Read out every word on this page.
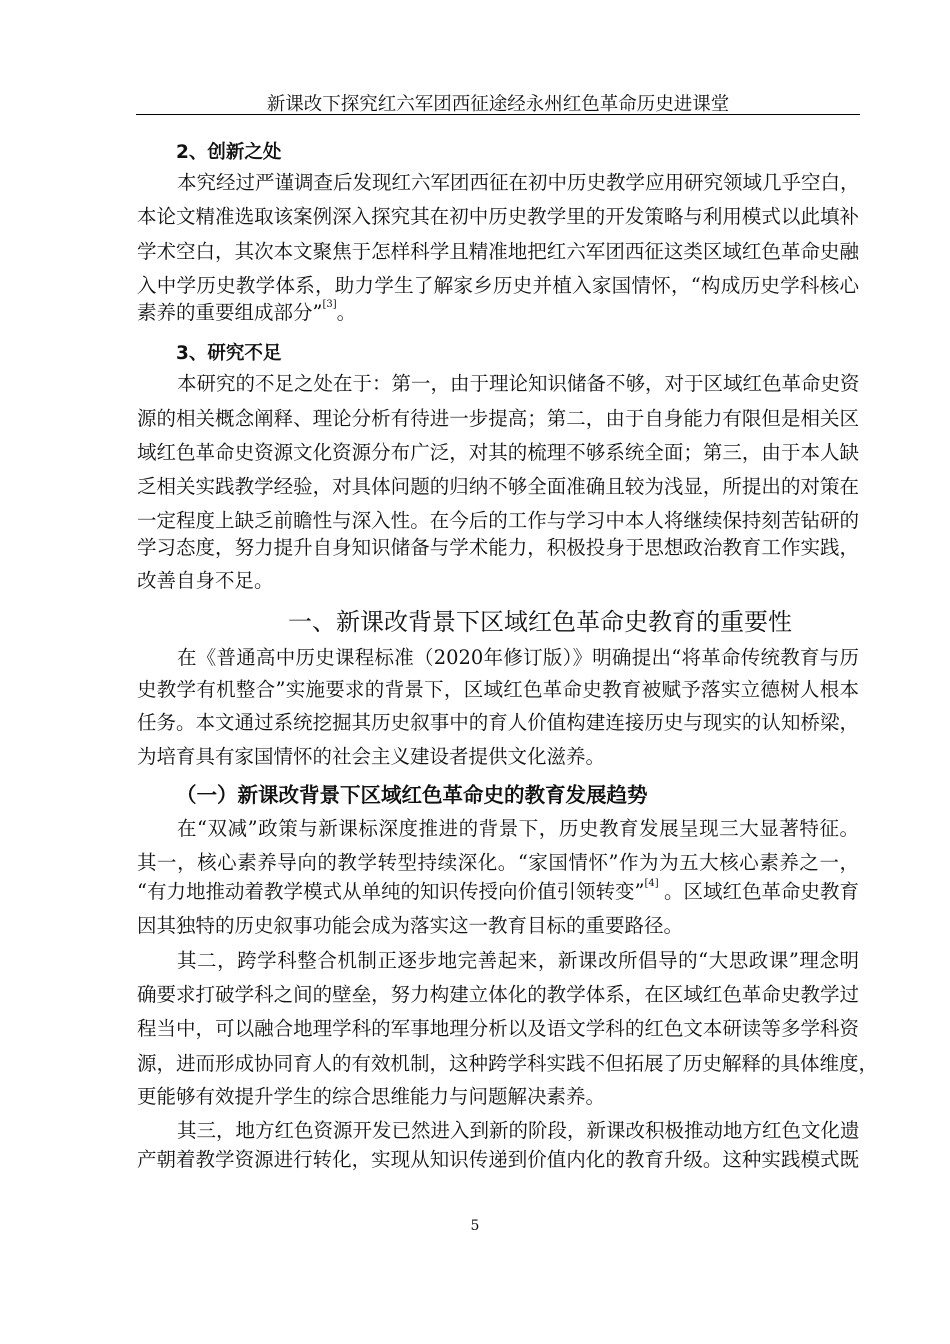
新课改下探究红六军团西征途经永州红色革命历史进课堂
2、创新之处
本究经过严谨调查后发现红六军团西征在初中历史教学应用研究领域几乎空白，
本论文精准选取该案例深入探究其在初中历史教学里的开发策略与利用模式以此填补
学术空白，其次本文聚焦于怎样科学且精准地把红六军团西征这类区域红色革命史融
入中学历史教学体系，助力学生了解家乡历史并植入家国情怀，“构成历史学科核心
素养的重要组成部分”[3]。
3、研究不足
本研究的不足之处在于：第一，由于理论知识储备不够，对于区域红色革命史资
源的相关概念阐释、理论分析有待进一步提高；第二，由于自身能力有限但是相关区
域红色革命史资源文化资源分布广泛，对其的梳理不够系统全面；第三，由于本人缺
乏相关实践教学经验，对具体问题的归纳不够全面准确且较为浅显，所提出的对策在
一定程度上缺乏前瞻性与深入性。在今后的工作与学习中本人将继续保持刻苦钻研的
学习态度，努力提升自身知识储备与学术能力，积极投身于思想政治教育工作实践，
改善自身不足。
一、新课改背景下区域红色革命史教育的重要性
在《普通高中历史课程标准（2020年修订版）》明确提出“将革命传统教育与历
史教学有机整合”实施要求的背景下，区域红色革命史教育被赋予落实立德树人根本
任务。本文通过系统挖掘其历史叙事中的育人价值构建连接历史与现实的认知桥梁，
为培育具有家国情怀的社会主义建设者提供文化滋养。
（一）新课改背景下区域红色革命史的教育发展趋势
在“双减”政策与新课标深度推进的背景下，历史教育发展呈现三大显著特征。
其一，核心素养导向的教学转型持续深化。“家国情怀”作为为五大核心素养之一，
“有力地推动着教学模式从单纯的知识传授向价值引领转变”[4] 。区域红色革命史教育
因其独特的历史叙事功能会成为落实这一教育目标的重要路径。
其二，跨学科整合机制正逐步地完善起来，新课改所倡导的“大思政课”理念明
确要求打破学科之间的壁垒，努力构建立体化的教学体系，在区域红色革命史教学过
程当中，可以融合地理学科的军事地理分析以及语文学科的红色文本研读等多学科资
源，进而形成协同育人的有效机制，这种跨学科实践不但拓展了历史解释的具体维度，
更能够有效提升学生的综合思维能力与问题解决素养。
其三，地方红色资源开发已然进入到新的阶段，新课改积极推动地方红色文化遗
产朝着教学资源进行转化，实现从知识传递到价值内化的教育升级。这种实践模式既
5
